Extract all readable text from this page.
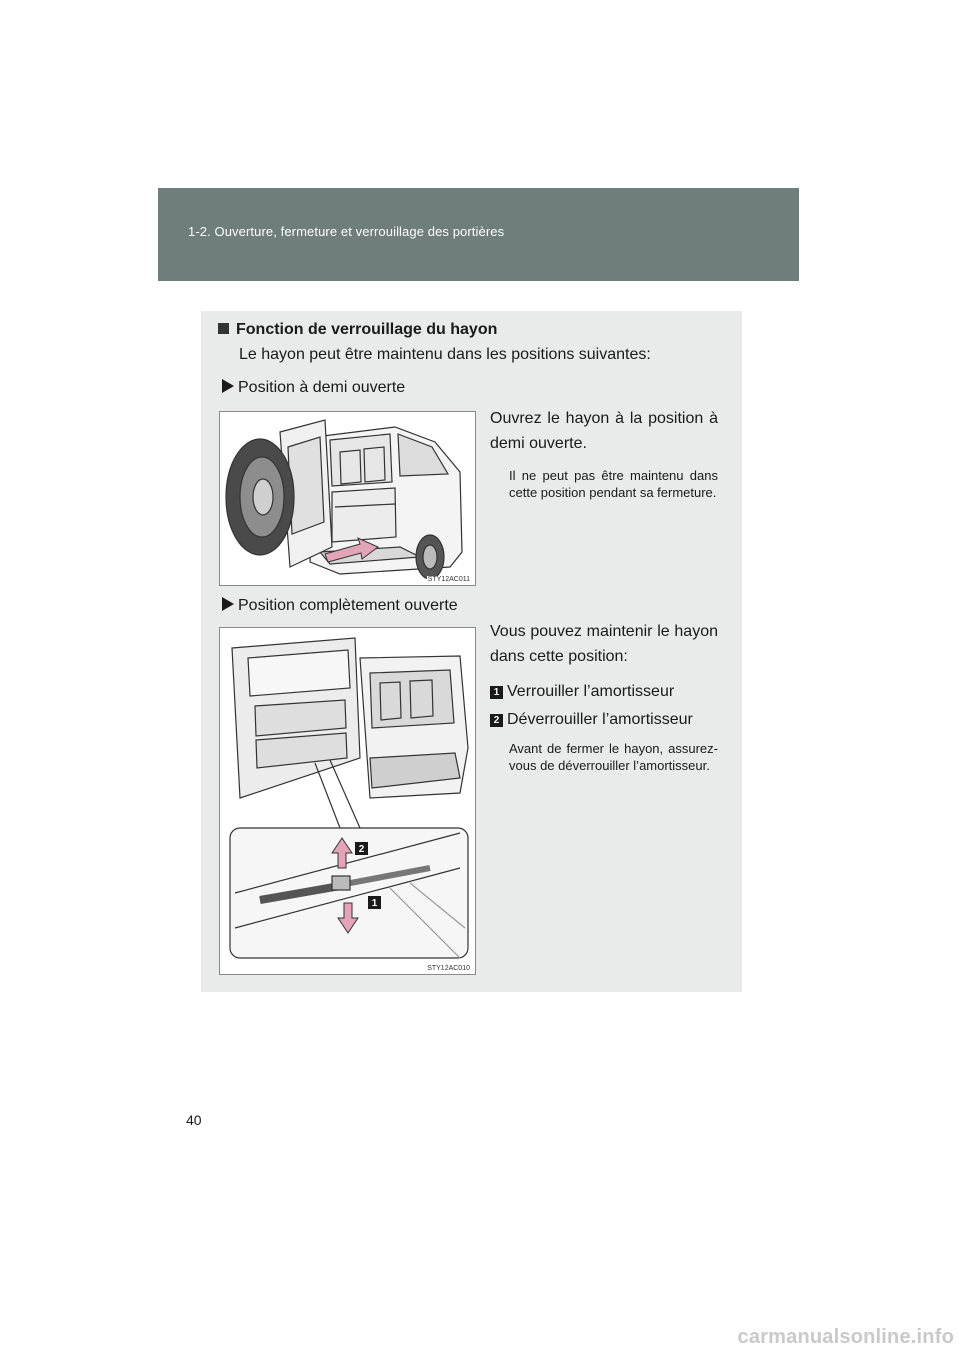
1-2. Ouverture, fermeture et verrouillage des portières
Fonction de verrouillage du hayon
Le hayon peut être maintenu dans les positions suivantes:
Position à demi ouverte
STY12AC011
Ouvrez le hayon à la position à demi ouverte.
Il ne peut pas être maintenu dans cette position pendant sa fermeture.
Position complètement ouverte
2
1
STY12AC010
Vous pouvez maintenir le hayon dans cette position:
1 Verrouiller l’amortisseur
2 Déverrouiller l’amortisseur
Avant de fermer le hayon, assurez-vous de déverrouiller l’amortisseur.
40
carmanualsonline.info
